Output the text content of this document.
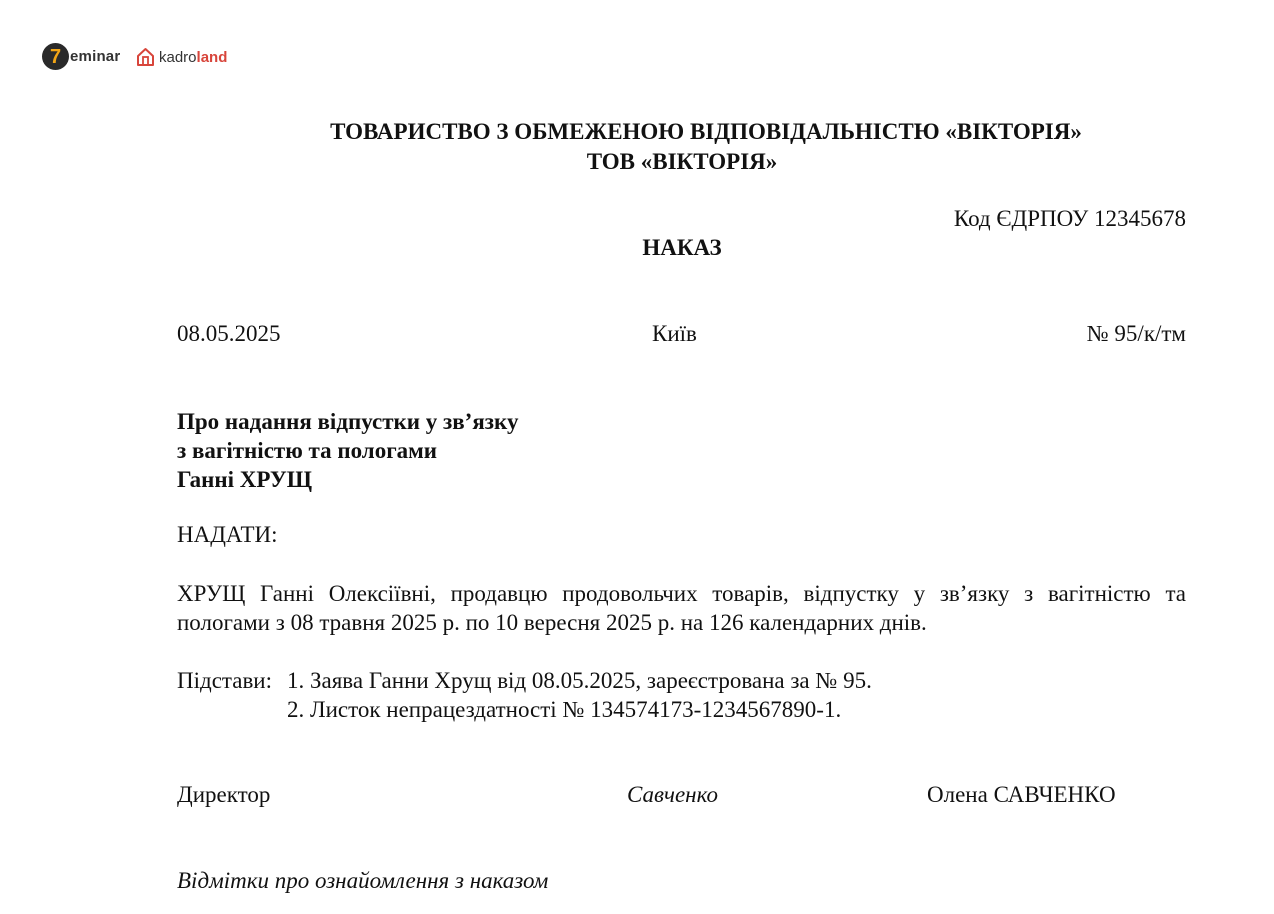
7 eminar	kadroland
ТОВАРИСТВО З ОБМЕЖЕНОЮ ВІДПОВІДАЛЬНІСТЮ «ВІКТОРІЯ»
ТОВ «ВІКТОРІЯ»
Код ЄДРПОУ 12345678
НАКАЗ
08.05.2025	Київ	№ 95/к/тм
Про надання відпустки у зв’язку
з вагітністю та пологами
Ганні ХРУЩ
НАДАТИ:
ХРУЩ Ганні Олексіївні, продавцю продовольчих товарів, відпустку у зв’язку з вагітністю та пологами з 08 травня 2025 р. по 10 вересня 2025 р. на 126 календарних днів.
Підстави: 1. Заява Ганни Хрущ від 08.05.2025, зареєстрована за № 95.
2. Листок непрацездатності № 134574173-1234567890-1.
Директор	Савченко	Олена САВЧЕНКО
Відмітки про ознайомлення з наказом
